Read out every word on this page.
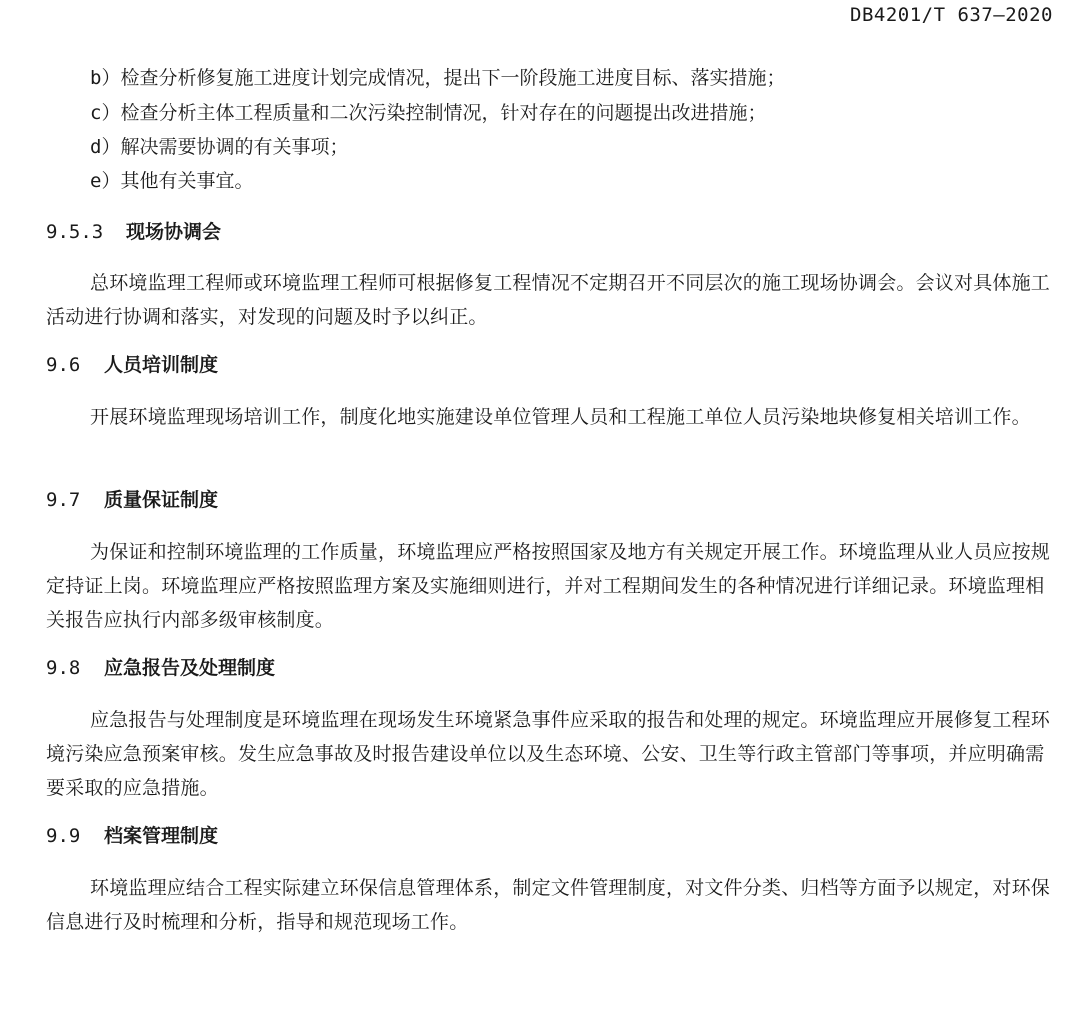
DB4201/T 637—2020
b）检查分析修复施工进度计划完成情况，提出下一阶段施工进度目标、落实措施；
c）检查分析主体工程质量和二次污染控制情况，针对存在的问题提出改进措施；
d）解决需要协调的有关事项；
e）其他有关事宜。
9.5.3 现场协调会
总环境监理工程师或环境监理工程师可根据修复工程情况不定期召开不同层次的施工现场协调会。会议对具体施工活动进行协调和落实，对发现的问题及时予以纠正。
9.6 人员培训制度
开展环境监理现场培训工作，制度化地实施建设单位管理人员和工程施工单位人员污染地块修复相关培训工作。
9.7 质量保证制度
为保证和控制环境监理的工作质量，环境监理应严格按照国家及地方有关规定开展工作。环境监理从业人员应按规定持证上岗。环境监理应严格按照监理方案及实施细则进行，并对工程期间发生的各种情况进行详细记录。环境监理相关报告应执行内部多级审核制度。
9.8 应急报告及处理制度
应急报告与处理制度是环境监理在现场发生环境紧急事件应采取的报告和处理的规定。环境监理应开展修复工程环境污染应急预案审核。发生应急事故及时报告建设单位以及生态环境、公安、卫生等行政主管部门等事项，并应明确需要采取的应急措施。
9.9 档案管理制度
环境监理应结合工程实际建立环保信息管理体系，制定文件管理制度，对文件分类、归档等方面予以规定，对环保信息进行及时梳理和分析，指导和规范现场工作。
